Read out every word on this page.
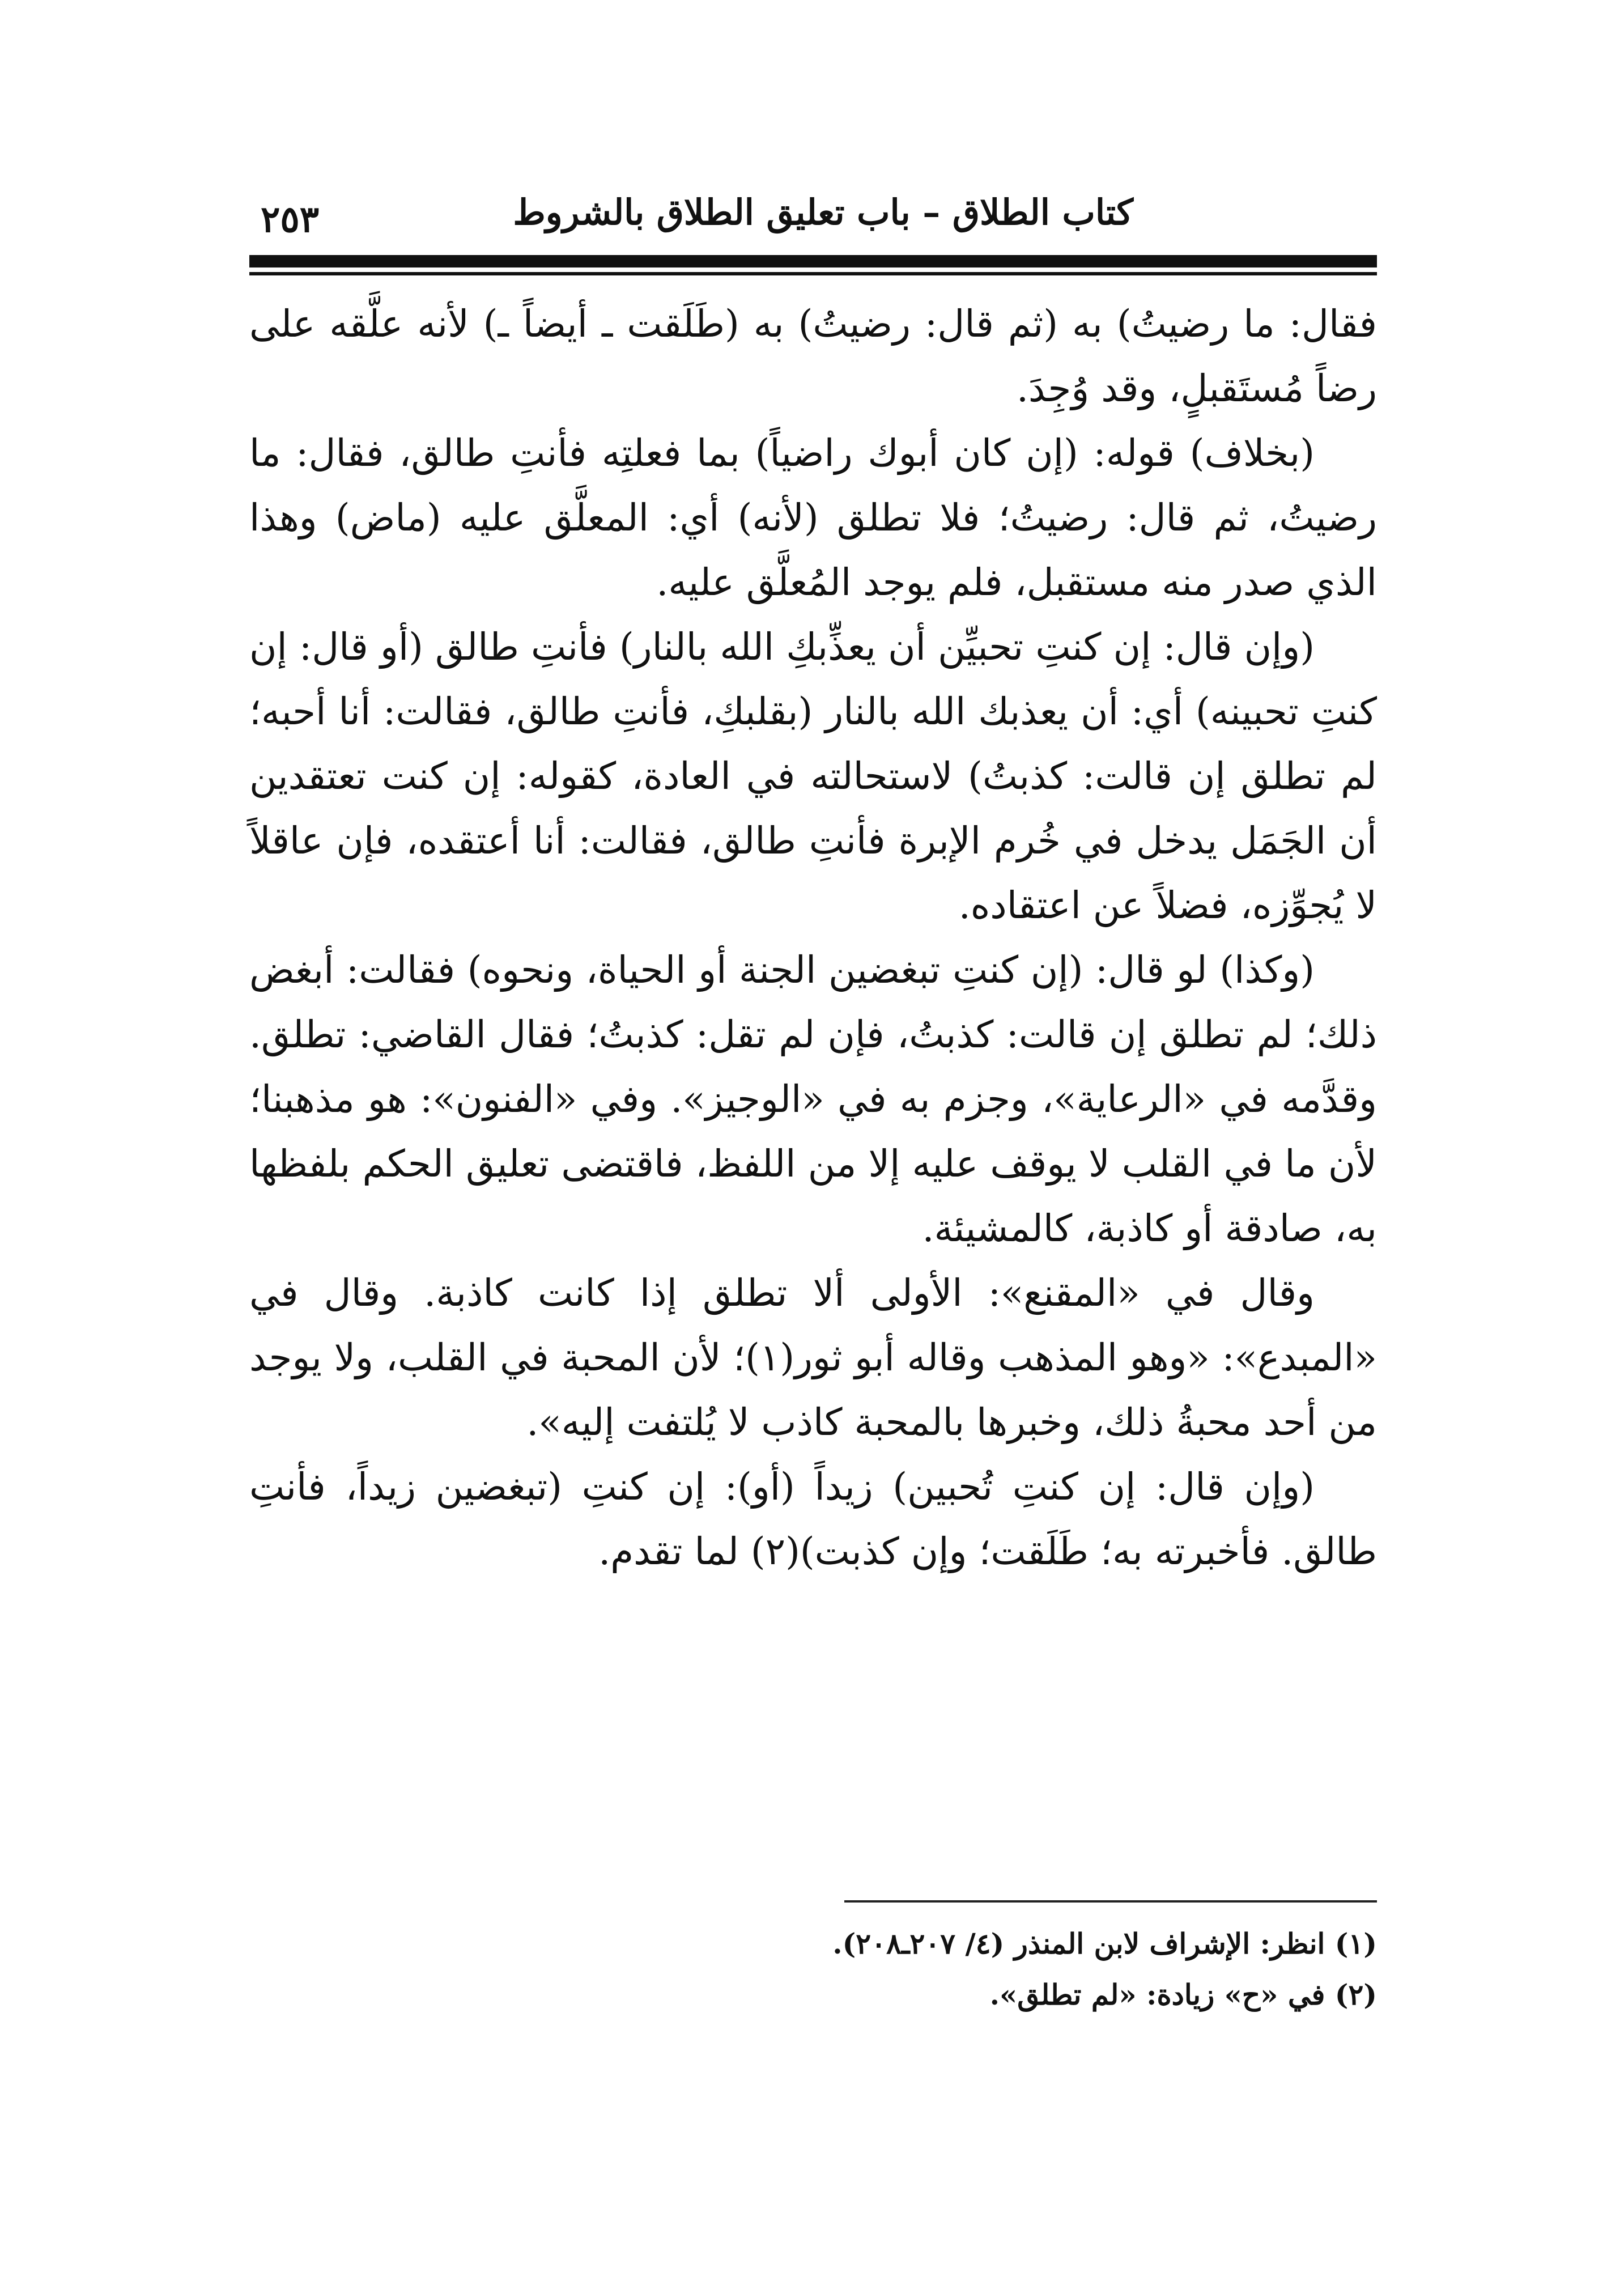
كتاب الطلاق – باب تعليق الطلاق بالشروط
٢٥٣

فقال: ما رضيتُ) به (ثم قال: رضيتُ) به (طَلَقت ـ أيضاً ـ) لأنه علَّقه على رضاً مُستَقبلٍ، وقد وُجِدَ.

(بخلاف) قوله: (إن كان أبوك راضياً) بما فعلتِه فأنتِ طالق، فقال: ما رضيتُ، ثم قال: رضيتُ؛ فلا تطلق (لأنه) أي: المعلَّق عليه (ماض) وهذا الذي صدر منه مستقبل، فلم يوجد المُعلَّق عليه.

(وإن قال: إن كنتِ تحبيِّن أن يعذِّبكِ الله بالنار) فأنتِ طالق (أو قال: إن كنتِ تحبينه) أي: أن يعذبك الله بالنار (بقلبكِ، فأنتِ طالق، فقالت: أنا أحبه؛ لم تطلق إن قالت: كذبتُ) لاستحالته في العادة، كقوله: إن كنت تعتقدين أن الجَمَل يدخل في خُرم الإبرة فأنتِ طالق، فقالت: أنا أعتقده، فإن عاقلاً لا يُجوِّزه، فضلاً عن اعتقاده.

(وكذا) لو قال: (إن كنتِ تبغضين الجنة أو الحياة، ونحوه) فقالت: أبغض ذلك؛ لم تطلق إن قالت: كذبتُ، فإن لم تقل: كذبتُ؛ فقال القاضي: تطلق. وقدَّمه في «الرعاية»، وجزم به في «الوجيز». وفي «الفنون»: هو مذهبنا؛ لأن ما في القلب لا يوقف عليه إلا من اللفظ، فاقتضى تعليق الحكم بلفظها به، صادقة أو كاذبة، كالمشيئة.

وقال في «المقنع»: الأولى ألا تطلق إذا كانت كاذبة. وقال في «المبدع»: «وهو المذهب وقاله أبو ثور(١)؛ لأن المحبة في القلب، ولا يوجد من أحد محبةُ ذلك، وخبرها بالمحبة كاذب لا يُلتفت إليه».

(وإن قال: إن كنتِ تُحبين) زيداً (أو): إن كنتِ (تبغضين زيداً، فأنتِ طالق. فأخبرته به؛ طَلَقت؛ وإن كذبت)(٢) لما تقدم.

(١) انظر: الإشراف لابن المنذر (٤/ ٢٠٧ـ٢٠٨).

(٢) في «ح» زيادة: «لم تطلق».
